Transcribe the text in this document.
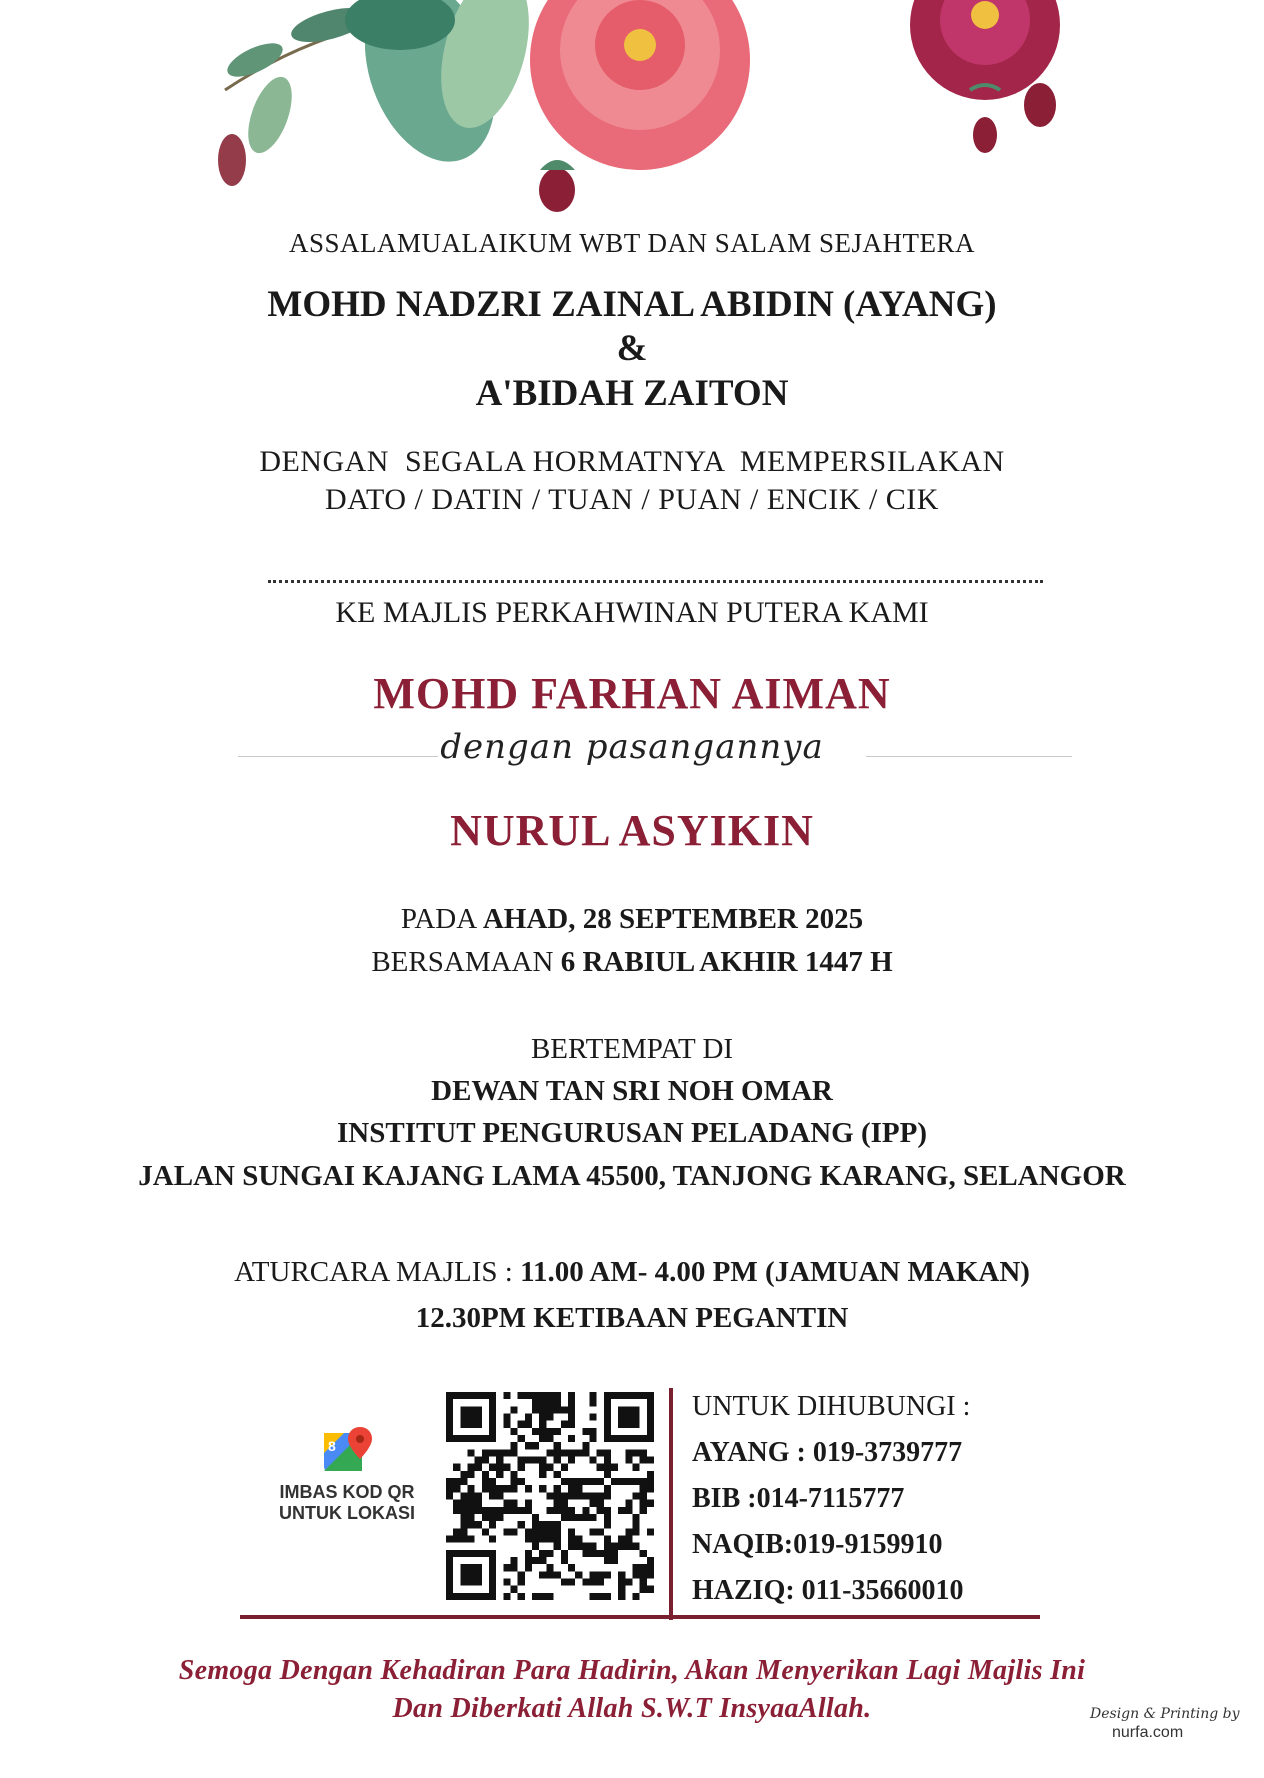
ASSALAMUALAIKUM WBT DAN SALAM SEJAHTERA
MOHD NADZRI ZAINAL ABIDIN (AYANG)
&
A'BIDAH ZAITON
DENGAN  SEGALA HORMATNYA  MEMPERSILAKAN
DATO / DATIN / TUAN / PUAN / ENCIK / CIK
KE MAJLIS PERKAHWINAN PUTERA KAMI
MOHD FARHAN AIMAN
dengan pasangannya
NURUL ASYIKIN
PADA AHAD, 28 SEPTEMBER 2025
BERSAMAAN 6 RABIUL AKHIR 1447 H
BERTEMPAT DI
DEWAN TAN SRI NOH OMAR
INSTITUT PENGURUSAN PELADANG (IPP)
JALAN SUNGAI KAJANG LAMA 45500, TANJONG KARANG, SELANGOR
ATURCARA MAJLIS : 11.00 AM- 4.00 PM (JAMUAN MAKAN)
12.30PM KETIBAAN PEGANTIN
8
IMBAS KOD QR
UNTUK LOKASI
UNTUK DIHUBUNGI :
AYANG : 019-3739777
BIB :014-7115777
NAQIB:019-9159910
HAZIQ: 011-35660010
Semoga Dengan Kehadiran Para Hadirin, Akan Menyerikan Lagi Majlis Ini
Dan Diberkati Allah S.W.T InsyaaAllah.	Design & Printing by
nurfa.com
